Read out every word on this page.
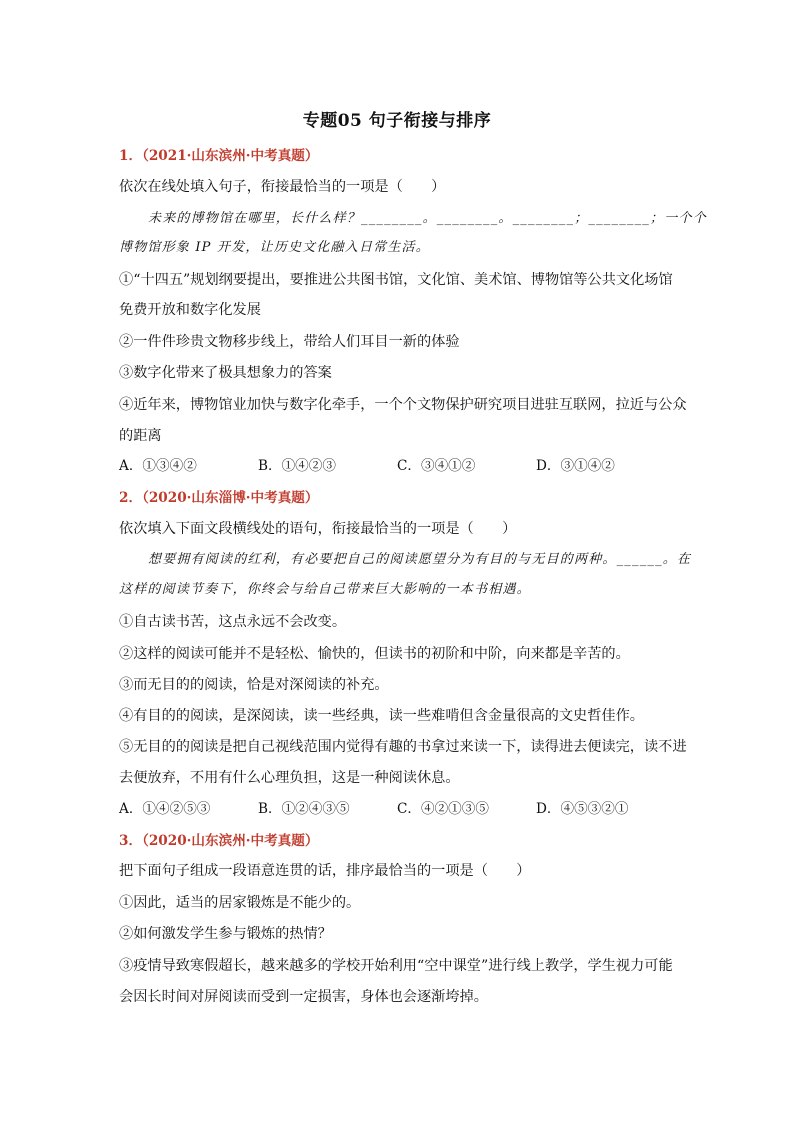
专题05 句子衔接与排序
1．（2021·山东滨州·中考真题）
依次在线处填入句子，衔接最恰当的一项是（　　）
未来的博物馆在哪里，长什么样？________。________。________；________；一个个
博物馆形象 IP 开发，让历史文化融入日常生活。
①“十四五”规划纲要提出，要推进公共图书馆，文化馆、美术馆、博物馆等公共文化场馆
免费开放和数字化发展
②一件件珍贵文物移步线上，带给人们耳目一新的体验
③数字化带来了极具想象力的答案
④近年来，博物馆业加快与数字化牵手，一个个文物保护研究项目进驻互联网，拉近与公众
的距离
A．①③④②	B．①④②③	C．③④①②	D．③①④②
2．（2020·山东淄博·中考真题）
依次填入下面文段横线处的语句，衔接最恰当的一项是（　　）
想要拥有阅读的红利，有必要把自己的阅读愿望分为有目的与无目的两种。______。在
这样的阅读节奏下，你终会与给自己带来巨大影响的一本书相遇。
①自古读书苦，这点永远不会改变。
②这样的阅读可能并不是轻松、愉快的，但读书的初阶和中阶，向来都是辛苦的。
③而无目的的阅读，恰是对深阅读的补充。
④有目的的阅读，是深阅读，读一些经典，读一些难啃但含金量很高的文史哲佳作。
⑤无目的的阅读是把自己视线范围内觉得有趣的书拿过来读一下，读得进去便读完，读不进
去便放弃，不用有什么心理负担，这是一种阅读休息。
A．①④②⑤③	B．①②④③⑤	C．④②①③⑤	D．④⑤③②①
3．（2020·山东滨州·中考真题）
把下面句子组成一段语意连贯的话，排序最恰当的一项是（　　）
①因此，适当的居家锻炼是不能少的。
②如何激发学生参与锻炼的热情？
③疫情导致寒假超长，越来越多的学校开始利用“空中课堂”进行线上教学，学生视力可能
会因长时间对屏阅读而受到一定损害，身体也会逐渐垮掉。
